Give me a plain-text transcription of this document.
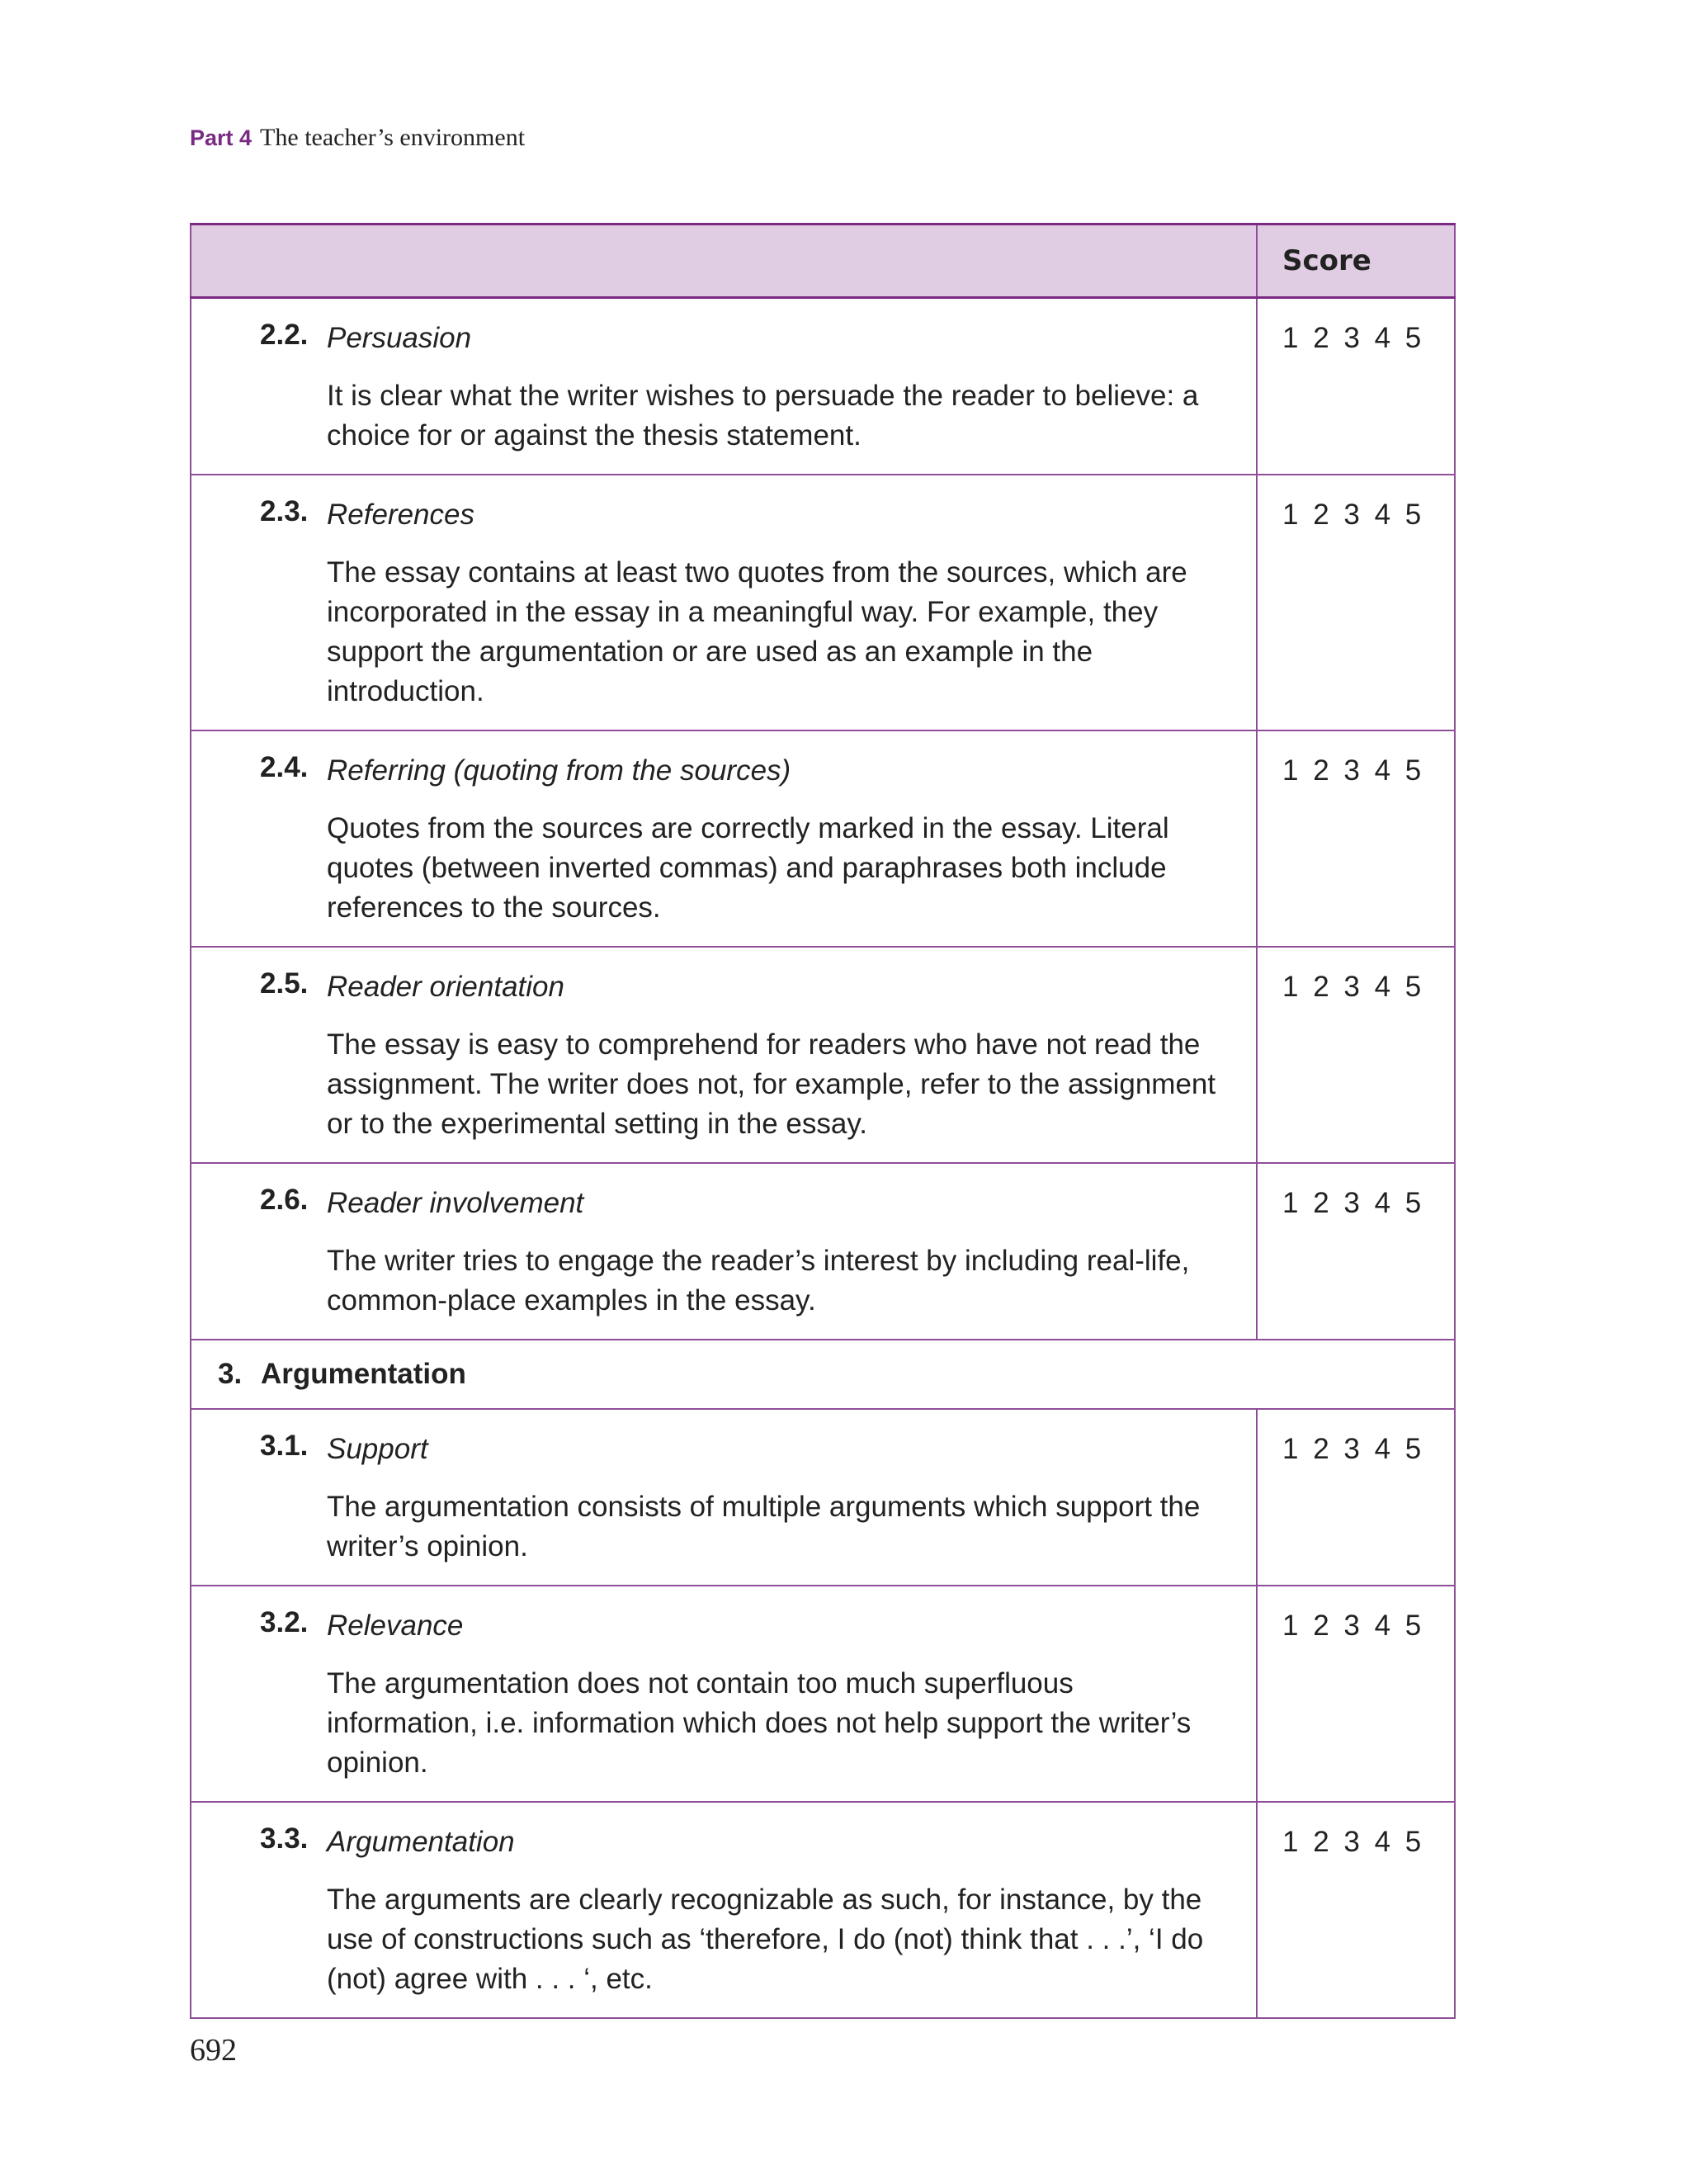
Part 4 The teacher’s environment
	Score

2.2. Persuasion
It is clear what the writer wishes to persuade the reader to believe: a choice for or against the thesis statement.	1 2 3 4 5

2.3. References
The essay contains at least two quotes from the sources, which are incorporated in the essay in a meaningful way. For example, they support the argumentation or are used as an example in the introduction.	1 2 3 4 5

2.4. Referring (quoting from the sources)
Quotes from the sources are correctly marked in the essay. Literal quotes (between inverted commas) and paraphrases both include references to the sources.	1 2 3 4 5

2.5. Reader orientation
The essay is easy to comprehend for readers who have not read the assignment. The writer does not, for example, refer to the assignment or to the experimental setting in the essay.	1 2 3 4 5

2.6. Reader involvement
The writer tries to engage the reader’s interest by including real-life, common-place examples in the essay.	1 2 3 4 5
3. Argumentation	

3.1. Support
The argumentation consists of multiple arguments which support the writer’s opinion.	1 2 3 4 5

3.2. Relevance
The argumentation does not contain too much superfluous information, i.e. information which does not help support the writer’s opinion.	1 2 3 4 5

3.3. Argumentation
The arguments are clearly recognizable as such, for instance, by the use of constructions such as ‘therefore, I do (not) think that . . .’, ‘I do (not) agree with . . . ‘, etc.	1 2 3 4 5
692
